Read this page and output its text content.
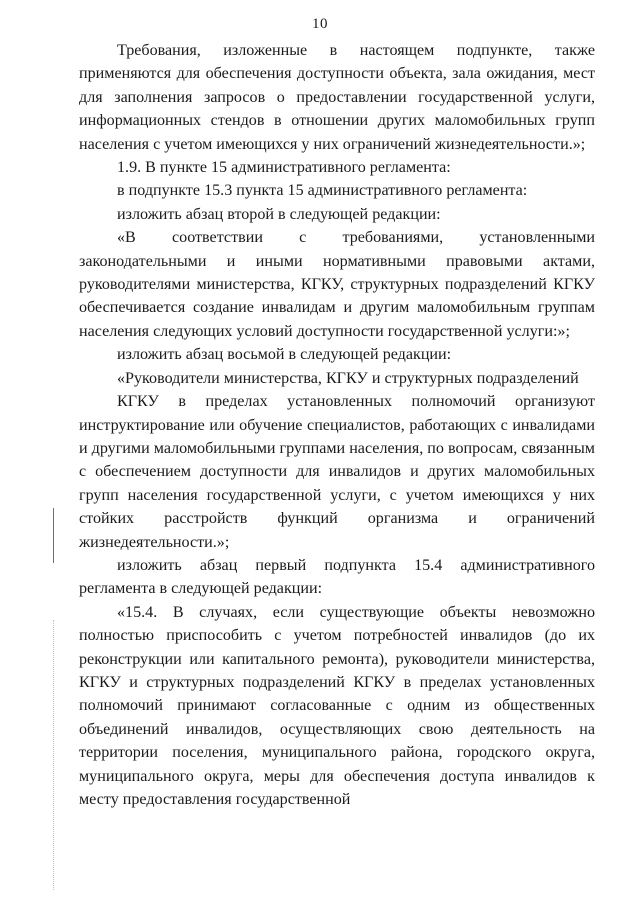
10

Требования, изложенные в настоящем подпункте, также применяются для обеспечения доступности объекта, зала ожидания, мест для заполнения запросов о предоставлении государственной услуги, информационных стендов в отношении других маломобильных групп населения с учетом имеющихся у них ограничений жизнедеятельности.»;

1.9. В пункте 15 административного регламента:

в подпункте 15.3 пункта 15 административного регламента:

изложить абзац второй в следующей редакции:

«В соответствии с требованиями, установленными законодательными и иными нормативными правовыми актами, руководителями министерства, КГКУ, структурных подразделений КГКУ обеспечивается создание инвалидам и другим маломобильным группам населения следующих условий доступности государственной услуги:»;

изложить абзац восьмой в следующей редакции:

«Руководители министерства, КГКУ и структурных подразделений

КГКУ в пределах установленных полномочий организуют инструктирование или обучение специалистов, работающих с инвалидами и другими маломобильными группами населения, по вопросам, связанным с обеспечением доступности для инвалидов и других маломобильных групп населения государственной услуги, с учетом имеющихся у них стойких расстройств функций организма и ограничений жизнедеятельности.»;

изложить абзац первый подпункта 15.4 административного регламента в следующей редакции:

«15.4. В случаях, если существующие объекты невозможно полностью приспособить с учетом потребностей инвалидов (до их реконструкции или капитального ремонта), руководители министерства, КГКУ и структурных подразделений КГКУ в пределах установленных полномочий принимают согласованные с одним из общественных объединений инвалидов, осуществляющих свою деятельность на территории поселения, муниципального района, городского округа, муниципального округа, меры для обеспечения доступа инвалидов к месту предоставления государственной
